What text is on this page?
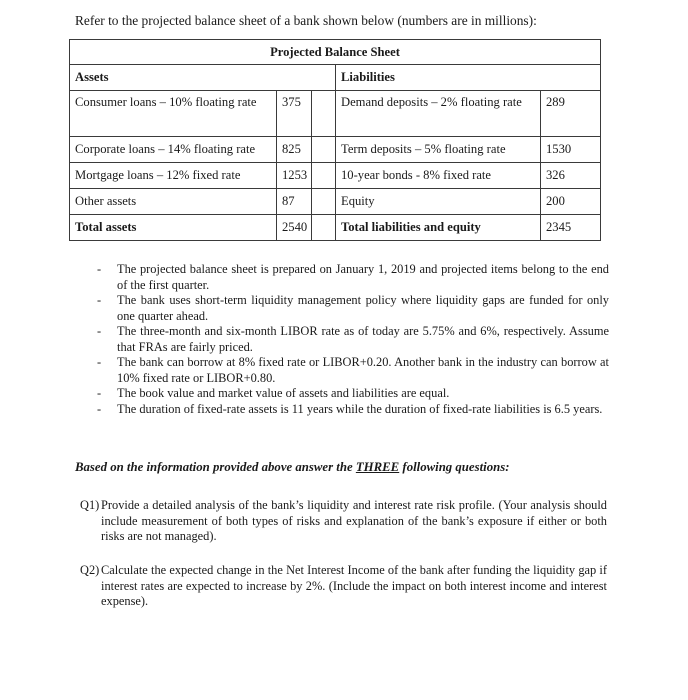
Refer to the projected balance sheet of a bank shown below (numbers are in millions):
Projected Balance Sheet				
Assets			Liabilities	
Consumer loans – 10% floating rate	375		Demand deposits – 2% floating rate	289
Corporate loans – 14% floating rate	825		Term deposits – 5% floating rate	1530
Mortgage loans – 12% fixed rate	1253		10-year bonds - 8% fixed rate	326
Other assets	87		Equity	200
Total assets	2540		Total liabilities and equity	2345
- The projected balance sheet is prepared on January 1, 2019 and projected items belong to the end of the first quarter.
- The bank uses short-term liquidity management policy where liquidity gaps are funded for only one quarter ahead.
- The three-month and six-month LIBOR rate as of today are 5.75% and 6%, respectively. Assume that FRAs are fairly priced.
- The bank can borrow at 8% fixed rate or LIBOR+0.20. Another bank in the industry can borrow at 10% fixed rate or LIBOR+0.80.
- The book value and market value of assets and liabilities are equal.
- The duration of fixed-rate assets is 11 years while the duration of fixed-rate liabilities is 6.5 years.
Based on the information provided above answer the THREE following questions:
Q1) Provide a detailed analysis of the bank’s liquidity and interest rate risk profile. (Your analysis should include measurement of both types of risks and explanation of the bank’s exposure if either or both risks are not managed).
Q2) Calculate the expected change in the Net Interest Income of the bank after funding the liquidity gap if interest rates are expected to increase by 2%. (Include the impact on both interest income and interest expense).
